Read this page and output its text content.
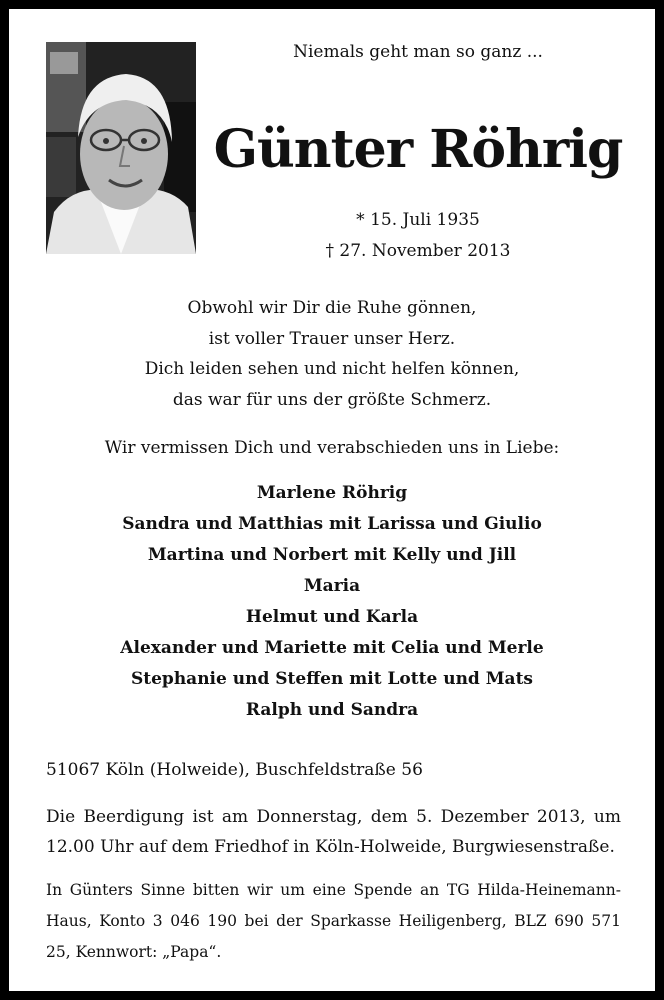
Niemals geht man so ganz ...
Günter Röhrig
* 15. Juli 1935
† 27. November 2013
Obwohl wir Dir die Ruhe gönnen,
ist voller Trauer unser Herz.
Dich leiden sehen und nicht helfen können,
das war für uns der größte Schmerz.
Wir vermissen Dich und verabschieden uns in Liebe:
Marlene Röhrig
Sandra und Matthias mit Larissa und Giulio
Martina und Norbert mit Kelly und Jill
Maria
Helmut und Karla
Alexander und Mariette mit Celia und Merle
Stephanie und Steffen mit Lotte und Mats
Ralph und Sandra
51067 Köln (Holweide), Buschfeldstraße 56
Die Beerdigung ist am Donnerstag, dem 5. Dezember 2013, um 12.00 Uhr auf dem Friedhof in Köln-Holweide, Burgwiesenstraße.
In Günters Sinne bitten wir um eine Spende an TG Hilda-Heinemann-Haus, Konto 3 046 190 bei der Sparkasse Heiligenberg, BLZ 690 571 25, Kennwort: „Papa“.
